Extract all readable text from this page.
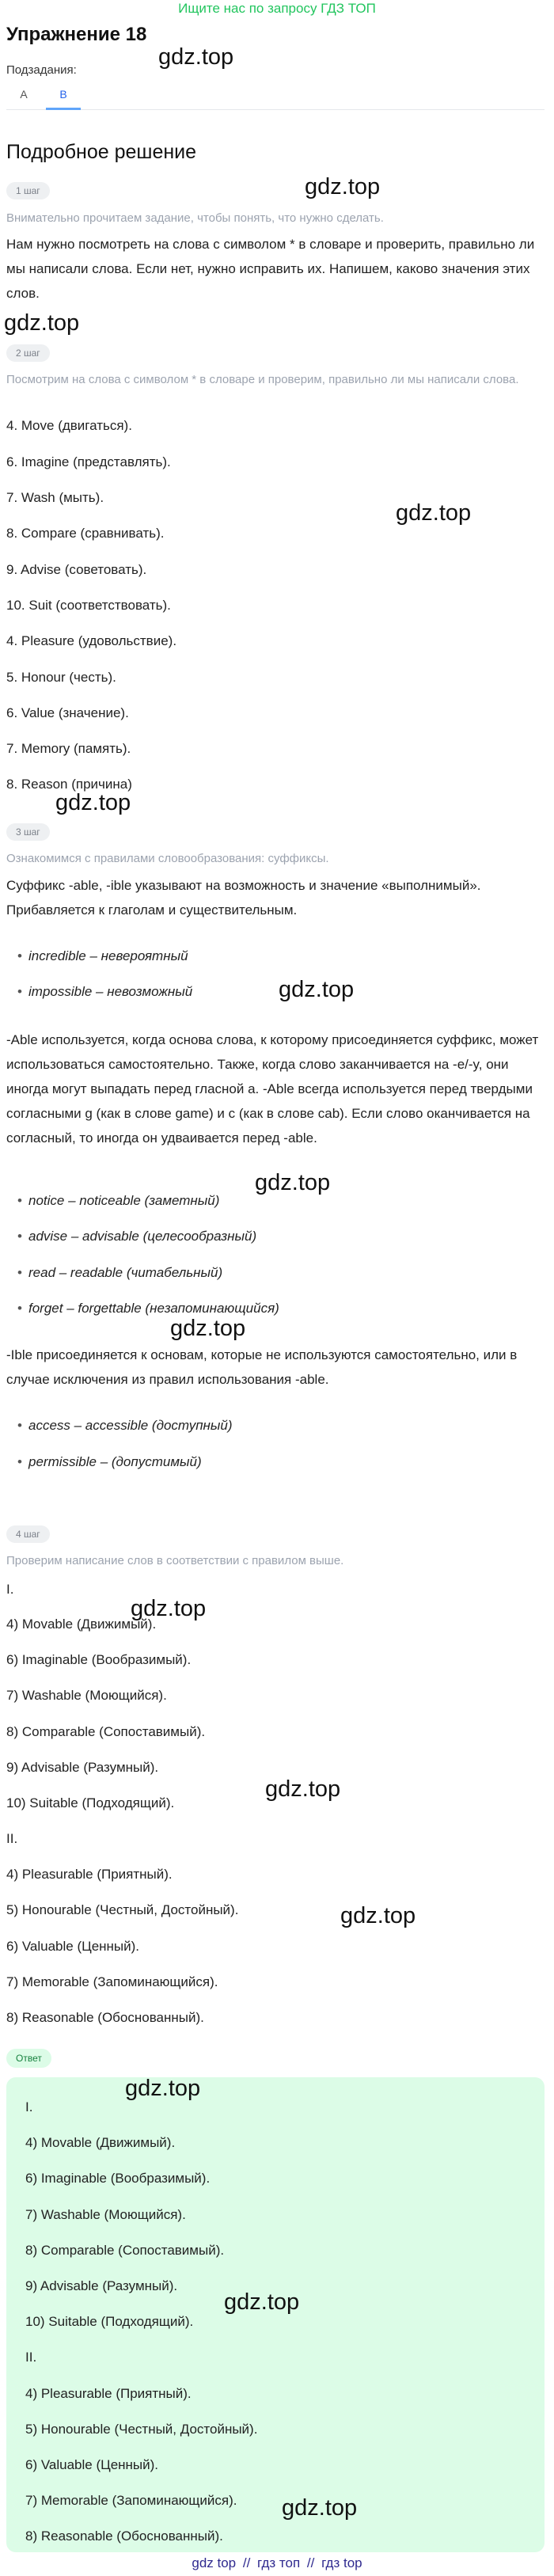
Ищите нас по запросу ГДЗ ТОП
Упражнение 18
Подзадания:
A	B
Подробное решение
gdz.top
gdz.top
gdz.top
gdz.top
gdz.top
gdz.top
gdz.top
gdz.top
gdz.top
gdz.top
gdz.top
1 шаг
Внимательно прочитаем задание, чтобы понять, что нужно сделать.
Нам нужно посмотреть на слова с символом * в словаре и проверить, правильно ли мы написали слова. Если нет, нужно исправить их. Напишем, каково значения этих слов.
2 шаг
Посмотрим на слова с символом * в словаре и проверим, правильно ли мы написали слова.
4. Move (двигаться).
6. Imagine (представлять).
7. Wash (мыть).
8. Compare (сравнивать).
9. Advise (советовать).
10. Suit (соответствовать).
4. Pleasure (удовольствие).
5. Honour (честь).
6. Value (значение).
7. Memory (память).
8. Reason (причина)
3 шаг
Ознакомимся с правилами словообразования: суффиксы.
Суффикс -able, -ible указывают на возможность и значение «выполнимый». Прибавляется к глаголам и существительным.
• incredible – невероятный
• impossible – невозможный
-Able используется, когда основа слова, к которому присоединяется суффикс, может использоваться самостоятельно. Также, когда слово заканчивается на -e/-y, они иногда могут выпадать перед гласной a. -Able всегда используется перед твердыми согласными g (как в слове game) и c (как в слове cab). Если слово оканчивается на согласный, то иногда он удваивается перед -able.
• notice – noticeable (заметный)
• advise – advisable (целесообразный)
• read – readable (читабельный)
• forget – forgettable (незапоминающийся)
-Ible присоединяется к основам, которые не используются самостоятельно, или в случае исключения из правил использования -able.
• access – accessible (доступный)
• permissible – (допустимый)
4 шаг
Проверим написание слов в соответствии с правилом выше.
I.
4) Movable (Движимый).
6) Imaginable (Вообразимый).
7) Washable (Моющийся).
8) Comparable (Сопоставимый).
9) Advisable (Разумный).
10) Suitable (Подходящий).
II.
4) Pleasurable (Приятный).
5) Honourable (Честный, Достойный).
6) Valuable (Ценный).
7) Memorable (Запоминающийся).
8) Reasonable (Обоснованный).
Ответ
gdz.top
gdz.top
gdz.top
I.
4) Movable (Движимый).
6) Imaginable (Вообразимый).
7) Washable (Моющийся).
8) Comparable (Сопоставимый).
9) Advisable (Разумный).
10) Suitable (Подходящий).
II.
4) Pleasurable (Приятный).
5) Honourable (Честный, Достойный).
6) Valuable (Ценный).
7) Memorable (Запоминающийся).
8) Reasonable (Обоснованный).
gdz top // гдз топ // гдз top
